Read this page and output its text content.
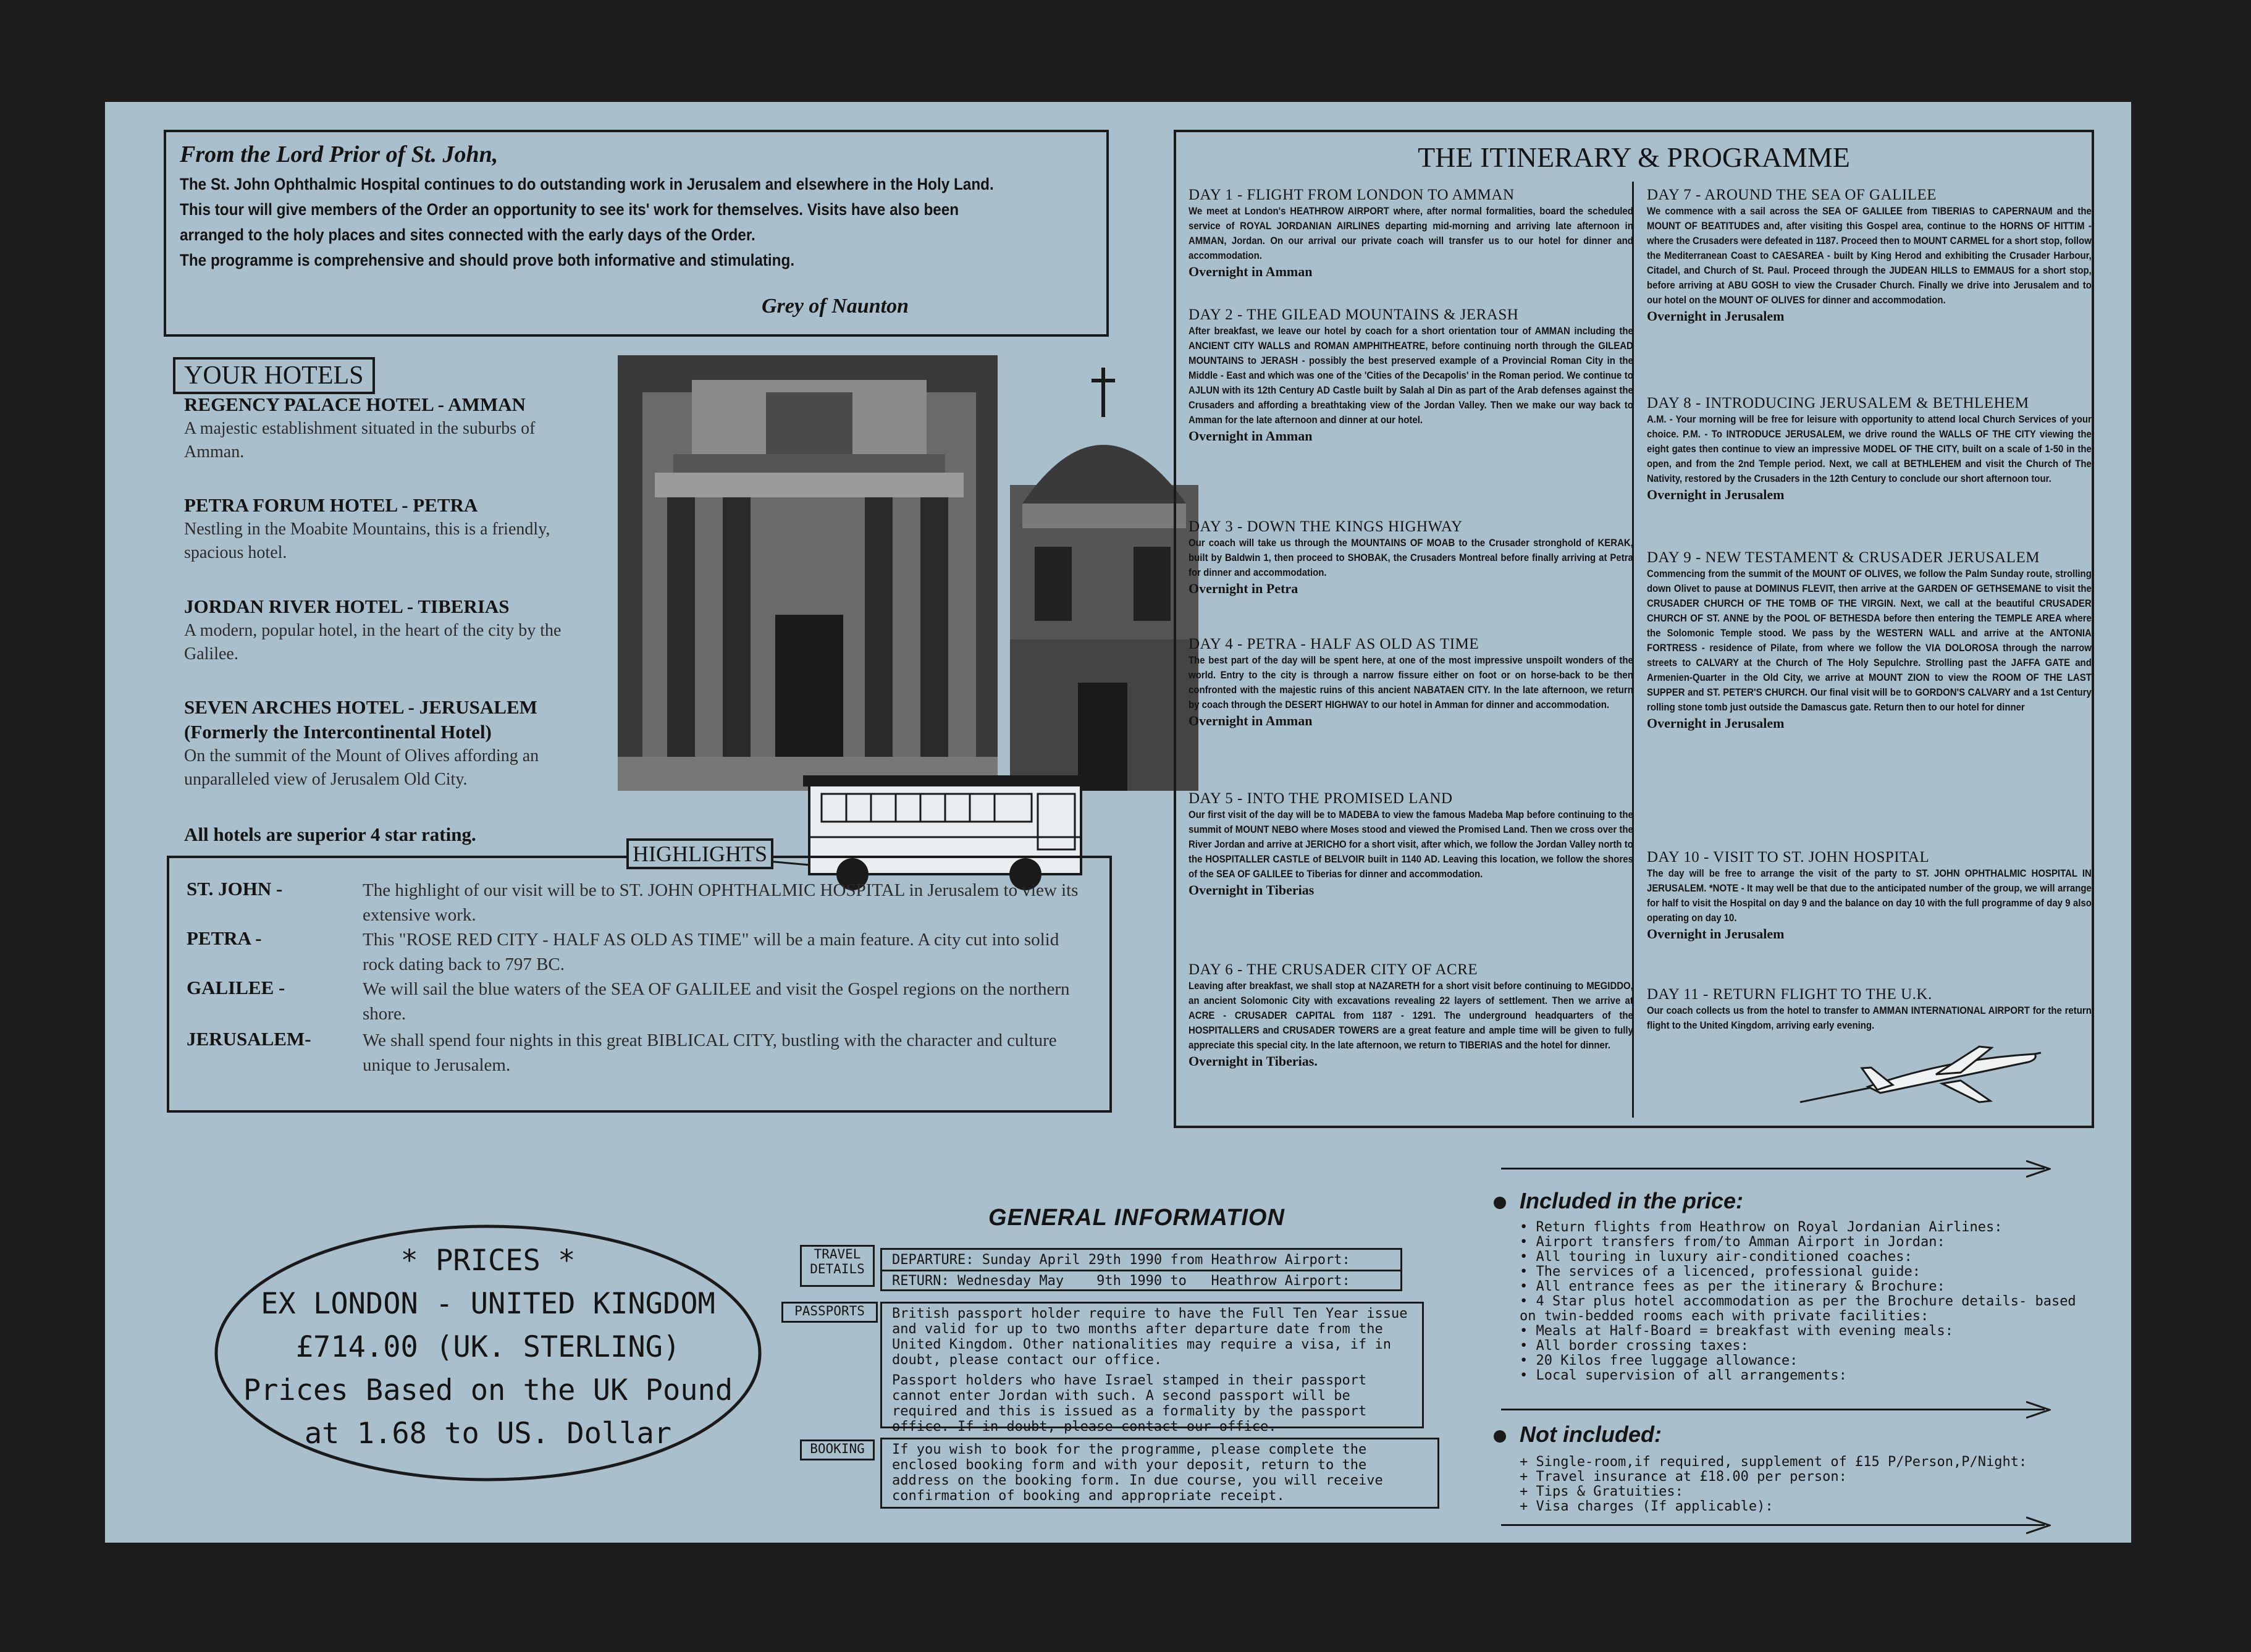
From the Lord Prior of St. John,

The St. John Ophthalmic Hospital continues to do outstanding work in Jerusalem and elsewhere in the Holy Land.
This tour will give members of the Order an opportunity to see its' work for themselves. Visits have also been
arranged to the holy places and sites connected with the early days of the Order.
The programme is comprehensive and should prove both informative and stimulating.

Grey of Naunton
YOUR HOTELS
REGENCY PALACE HOTEL - AMMAN
A majestic establishment situated in the suburbs of Amman.
PETRA FORUM HOTEL - PETRA
Nestling in the Moabite Mountains, this is a friendly, spacious hotel.
JORDAN RIVER HOTEL - TIBERIAS
A modern, popular hotel, in the heart of the city by the Galilee.
SEVEN ARCHES HOTEL - JERUSALEM
(Formerly the Intercontinental Hotel)
On the summit of the Mount of Olives affording an unparalleled view of Jerusalem Old City.
All hotels are superior 4 star rating.
HIGHLIGHTS
ST. JOHN -	The highlight of our visit will be to ST. JOHN OPHTHALMIC HOSPITAL in Jerusalem to view its extensive work.
PETRA -	This "ROSE RED CITY - HALF AS OLD AS TIME" will be a main feature. A city cut into solid rock dating back to 797 BC.
GALILEE -	We will sail the blue waters of the SEA OF GALILEE and visit the Gospel regions on the northern shore.
JERUSALEM-	We shall spend four nights in this great BIBLICAL CITY, bustling with the character and culture unique to Jerusalem.
THE ITINERARY & PROGRAMME
DAY 1 - FLIGHT FROM LONDON TO AMMAN
We meet at London's HEATHROW AIRPORT where, after normal formalities, board the scheduled service of ROYAL JORDANIAN AIRLINES departing mid-morning and arriving late afternoon in AMMAN, Jordan. On our arrival our private coach will transfer us to our hotel for dinner and accommodation.
Overnight in Amman
DAY 2 - THE GILEAD MOUNTAINS & JERASH
After breakfast, we leave our hotel by coach for a short orientation tour of AMMAN including the ANCIENT CITY WALLS and ROMAN AMPHITHEATRE, before continuing north through the GILEAD MOUNTAINS to JERASH - possibly the best preserved example of a Provincial Roman City in the Middle - East and which was one of the 'Cities of the Decapolis' in the Roman period. We continue to AJLUN with its 12th Century AD Castle built by Salah al Din as part of the Arab defenses against the Crusaders and affording a breathtaking view of the Jordan Valley. Then we make our way back to Amman for the late afternoon and dinner at our hotel.
Overnight in Amman
DAY 3 - DOWN THE KINGS HIGHWAY
Our coach will take us through the MOUNTAINS OF MOAB to the Crusader stronghold of KERAK, built by Baldwin 1, then proceed to SHOBAK, the Crusaders Montreal before finally arriving at Petra for dinner and accommodation.
Overnight in Petra
DAY 4 - PETRA - HALF AS OLD AS TIME
The best part of the day will be spent here, at one of the most impressive unspoilt wonders of the world. Entry to the city is through a narrow fissure either on foot or on horse-back to be then confronted with the majestic ruins of this ancient NABATAEN CITY. In the late afternoon, we return by coach through the DESERT HIGHWAY to our hotel in Amman for dinner and accommodation.
Overnight in Amman
DAY 5 - INTO THE PROMISED LAND
Our first visit of the day will be to MADEBA to view the famous Madeba Map before continuing to the summit of MOUNT NEBO where Moses stood and viewed the Promised Land. Then we cross over the River Jordan and arrive at JERICHO for a short visit, after which, we follow the Jordan Valley north to the HOSPITALLER CASTLE of BELVOIR built in 1140 AD. Leaving this location, we follow the shores of the SEA OF GALILEE to Tiberias for dinner and accommodation.
Overnight in Tiberias
DAY 6 - THE CRUSADER CITY OF ACRE
Leaving after breakfast, we shall stop at NAZARETH for a short visit before continuing to MEGIDDO, an ancient Solomonic City with excavations revealing 22 layers of settlement. Then we arrive at ACRE - CRUSADER CAPITAL from 1187 - 1291. The underground headquarters of the HOSPITALLERS and CRUSADER TOWERS are a great feature and ample time will be given to fully appreciate this special city. In the late afternoon, we return to TIBERIAS and the hotel for dinner.
Overnight in Tiberias.
DAY 7 - AROUND THE SEA OF GALILEE
We commence with a sail across the SEA OF GALILEE from TIBERIAS to CAPERNAUM and the MOUNT OF BEATITUDES and, after visiting this Gospel area, continue to the HORNS OF HITTIM - where the Crusaders were defeated in 1187. Proceed then to MOUNT CARMEL for a short stop, follow the Mediterranean Coast to CAESAREA - built by King Herod and exhibiting the Crusader Harbour, Citadel, and Church of St. Paul. Proceed through the JUDEAN HILLS to EMMAUS for a short stop, before arriving at ABU GOSH to view the Crusader Church. Finally we drive into Jerusalem and to our hotel on the MOUNT OF OLIVES for dinner and accommodation.
Overnight in Jerusalem
DAY 8 - INTRODUCING JERUSALEM & BETHLEHEM
A.M. - Your morning will be free for leisure with opportunity to attend local Church Services of your choice. P.M. - To INTRODUCE JERUSALEM, we drive round the WALLS OF THE CITY viewing the eight gates then continue to view an impressive MODEL OF THE CITY, built on a scale of 1-50 in the open, and from the 2nd Temple period. Next, we call at BETHLEHEM and visit the Church of The Nativity, restored by the Crusaders in the 12th Century to conclude our short afternoon tour.
Overnight in Jerusalem
DAY 9 - NEW TESTAMENT & CRUSADER JERUSALEM
Commencing from the summit of the MOUNT OF OLIVES, we follow the Palm Sunday route, strolling down Olivet to pause at DOMINUS FLEVIT, then arrive at the GARDEN OF GETHSEMANE to visit the CRUSADER CHURCH OF THE TOMB OF THE VIRGIN. Next, we call at the beautiful CRUSADER CHURCH OF ST. ANNE by the POOL OF BETHESDA before then entering the TEMPLE AREA where the Solomonic Temple stood. We pass by the WESTERN WALL and arrive at the ANTONIA FORTRESS - residence of Pilate, from where we follow the VIA DOLOROSA through the narrow streets to CALVARY at the Church of The Holy Sepulchre. Strolling past the JAFFA GATE and Armenien-Quarter in the Old City, we arrive at MOUNT ZION to view the ROOM OF THE LAST SUPPER and ST. PETER'S CHURCH. Our final visit will be to GORDON'S CALVARY and a 1st Century rolling stone tomb just outside the Damascus gate. Return then to our hotel for dinner
Overnight in Jerusalem
DAY 10 - VISIT TO ST. JOHN HOSPITAL
The day will be free to arrange the visit of the party to ST. JOHN OPHTHALMIC HOSPITAL IN JERUSALEM. *NOTE - It may well be that due to the anticipated number of the group, we will arrange for half to visit the Hospital on day 9 and the balance on day 10 with the full programme of day 9 also operating on day 10.
Overnight in Jerusalem
DAY 11 - RETURN FLIGHT TO THE U.K.
Our coach collects us from the hotel to transfer to AMMAN INTERNATIONAL AIRPORT for the return flight to the United Kingdom, arriving early evening.
* PRICES *
EX LONDON - UNITED KINGDOM
£714.00 (UK. STERLING)
Prices Based on the UK Pound
at 1.68 to US. Dollar
GENERAL INFORMATION
TRAVEL
DETAILS
DEPARTURE: Sunday April 29th 1990 from Heathrow Airport:
RETURN: Wednesday May    9th 1990 to   Heathrow Airport:
PASSPORTS	British passport holder require to have the Full Ten Year issue and valid for up to two months after departure date from the United Kingdom. Other nationalities may require a visa, if in doubt, please contact our office.
Passport holders who have Israel stamped in their passport cannot enter Jordan with such. A second passport will be required and this is issued as a formality by the passport office. If in doubt, please contact our office.
BOOKING	If you wish to book for the programme, please complete the enclosed booking form and with your deposit, return to the address on the booking form. In due course, you will receive confirmation of booking and appropriate receipt.
Included in the price:
• Return flights from Heathrow on Royal Jordanian Airlines:
• Airport transfers from/to Amman Airport in Jordan:
• All touring in luxury air-conditioned coaches:
• The services of a licenced, professional guide:
• All entrance fees as per the itinerary & Brochure:
• 4 Star plus hotel accommodation as per the Brochure details- based on twin-bedded rooms each with private facilities:
• Meals at Half-Board = breakfast with evening meals:
• All border crossing taxes:
• 20 Kilos free luggage allowance:
• Local supervision of all arrangements:
Not included:
+ Single-room,if required, supplement of £15 P/Person,P/Night:
+ Travel insurance at £18.00 per person:
+ Tips & Gratuities:
+ Visa charges (If applicable):
